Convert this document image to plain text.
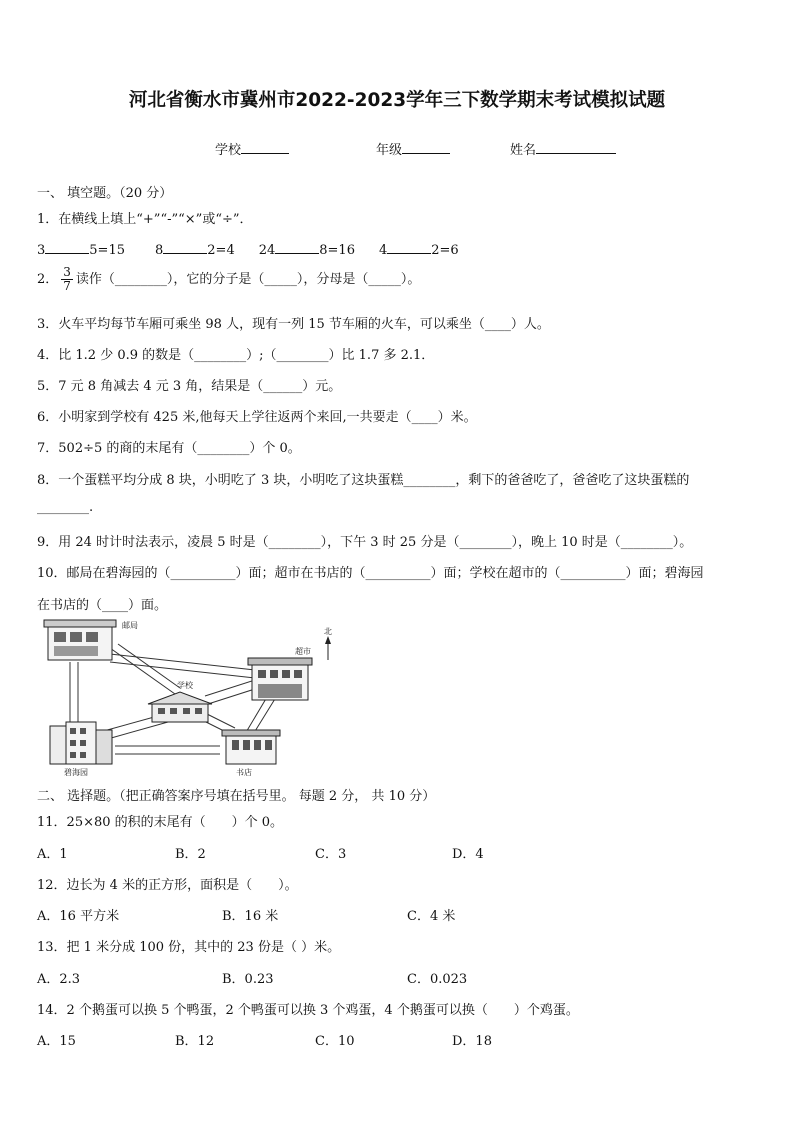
河北省衡水市冀州市2022-2023学年三下数学期末考试模拟试题
学校	年级	姓名
一、 填空题。（20 分）
1．在横线上填上“+”“-”“×”或“÷”．
3	5=15 8	2=4 24	8=16 4	2=6
2． $\frac{3}{7}$ 读作（________），它的分子是（_____），分母是（_____）。
3．火车平均每节车厢可乘坐 98 人，现有一列 15 节车厢的火车，可以乘坐（____）人。
4．比 1.2 少 0.9 的数是（________）;（________）比 1.7 多 2.1．
5．7 元 8 角减去 4 元 3 角，结果是（______）元。
6．小明家到学校有 425 米,他每天上学往返两个来回,一共要走（____）米。
7．502÷5 的商的末尾有（________）个 0。
8．一个蛋糕平均分成 8 块，小明吃了 3 块，小明吃了这块蛋糕________，剩下的爸爸吃了，爸爸吃了这块蛋糕的
________.
9．用 24 时计时法表示，凌晨 5 时是（________），下午 3 时 25 分是（________），晚上 10 时是（________）。
10．邮局在碧海园的（__________）面；超市在书店的（__________）面；学校在超市的（__________）面；碧海园
在书店的（____）面。
邮局
超市
北
学校
碧海园	书店
二、 选择题。（把正确答案序号填在括号里。 每题 2 分， 共 10 分）
11．25×80 的积的末尾有（　　）个 0。
A．1	B．2	C．3	D．4
12．边长为 4 米的正方形，面积是（　　）。
A．16 平方米	B．16 米	C．4 米
13．把 1 米分成 100 份，其中的 23 份是（ ）米。
A．2.3	B．0.23	C．0.023
14．2 个鹅蛋可以换 5 个鸭蛋，2 个鸭蛋可以换 3 个鸡蛋，4 个鹅蛋可以换（　　）个鸡蛋。
A．15	B．12	C．10	D．18
